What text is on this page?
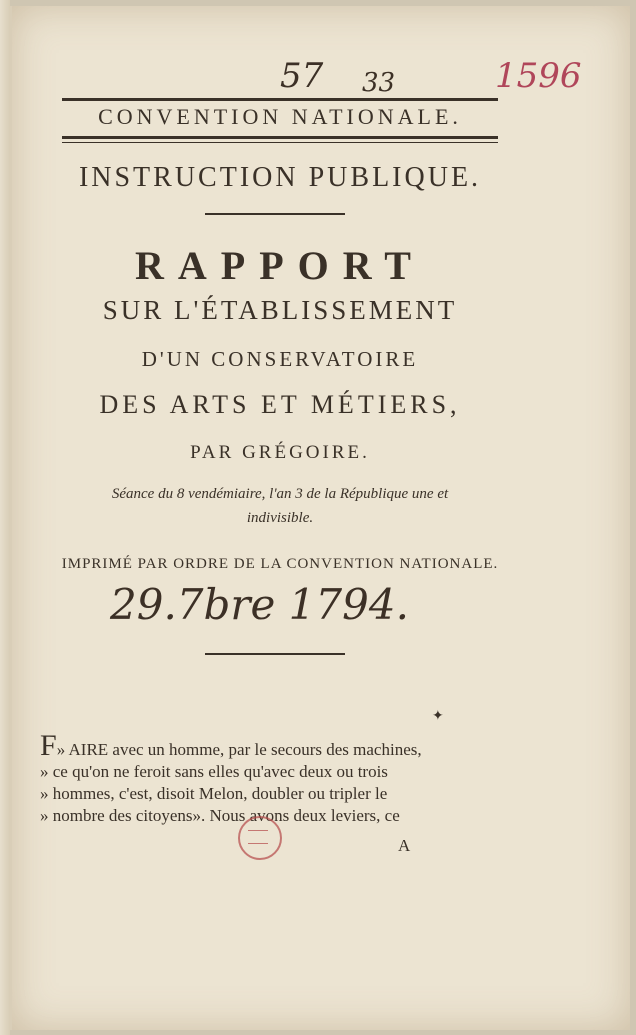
57 33	1596
CONVENTION NATIONALE.
INSTRUCTION PUBLIQUE.
RAPPORT
SUR L'ÉTABLISSEMENT
D'UN CONSERVATOIRE
DES ARTS ET MÉTIERS,
PAR GRÉGOIRE.
Séance du 8 vendémiaire, l'an 3 de la République une et
indivisible.
IMPRIMÉ PAR ORDRE DE LA CONVENTION NATIONALE.
29.7bre 1794.
✦
F» AIRE avec un homme, par le secours des machines,
» ce qu'on ne feroit sans elles qu'avec deux ou trois
» hommes, c'est, disoit Melon, doubler ou tripler le
» nombre des citoyens». Nous avons deux leviers, ce
A
